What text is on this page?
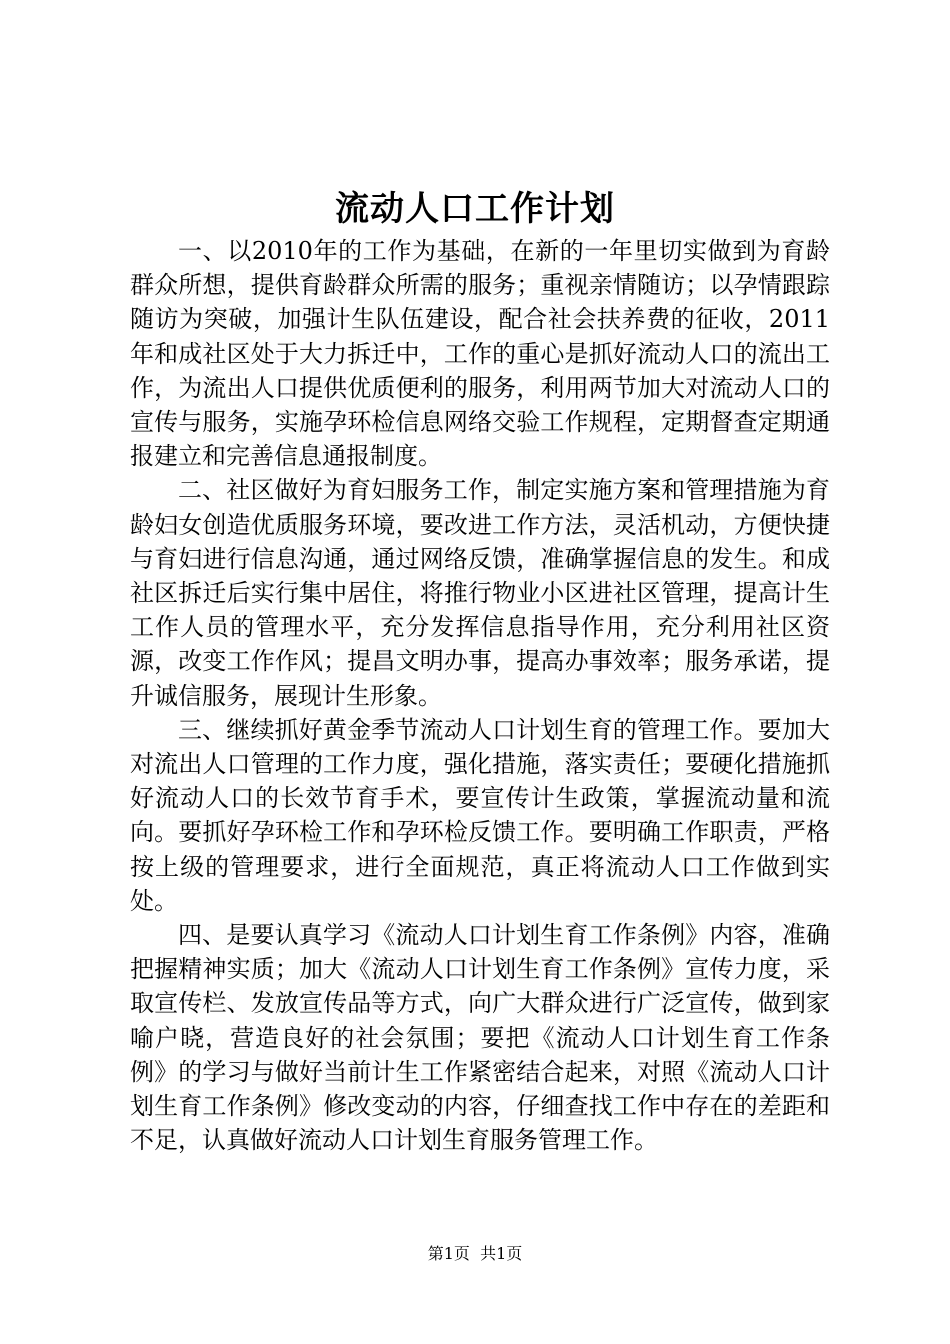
流动人口工作计划

一、以2010年的工作为基础，在新的一年里切实做到为育龄群众所想，提供育龄群众所需的服务；重视亲情随访；以孕情跟踪随访为突破，加强计生队伍建设，配合社会扶养费的征收，2011年和成社区处于大力拆迁中，工作的重心是抓好流动人口的流出工作，为流出人口提供优质便利的服务，利用两节加大对流动人口的宣传与服务，实施孕环检信息网络交验工作规程，定期督查定期通报建立和完善信息通报制度。

二、社区做好为育妇服务工作，制定实施方案和管理措施为育龄妇女创造优质服务环境，要改进工作方法，灵活机动，方便快捷与育妇进行信息沟通，通过网络反馈，准确掌握信息的发生。和成社区拆迁后实行集中居住，将推行物业小区进社区管理，提高计生工作人员的管理水平，充分发挥信息指导作用，充分利用社区资源，改变工作作风；提昌文明办事，提高办事效率；服务承诺，提升诚信服务，展现计生形象。

三、继续抓好黄金季节流动人口计划生育的管理工作。要加大对流出人口管理的工作力度，强化措施，落实责任；要硬化措施抓好流动人口的长效节育手术，要宣传计生政策，掌握流动量和流向。要抓好孕环检工作和孕环检反馈工作。要明确工作职责，严格按上级的管理要求，进行全面规范，真正将流动人口工作做到实处。

四、是要认真学习《流动人口计划生育工作条例》内容，准确把握精神实质；加大《流动人口计划生育工作条例》宣传力度，采取宣传栏、发放宣传品等方式，向广大群众进行广泛宣传，做到家喻户晓，营造良好的社会氛围；要把《流动人口计划生育工作条例》的学习与做好当前计生工作紧密结合起来，对照《流动人口计划生育工作条例》修改变动的内容，仔细查找工作中存在的差距和不足，认真做好流动人口计划生育服务管理工作。

第1页 共1页
